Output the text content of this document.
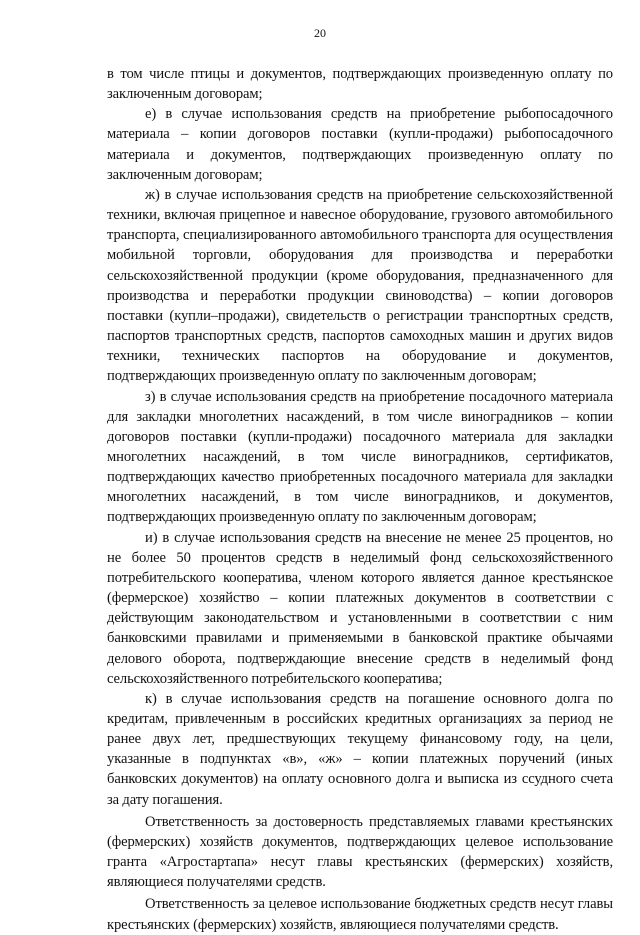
20

в том числе птицы и документов, подтверждающих произведенную оплату по заключенным договорам;

е) в случае использования средств на приобретение рыбопосадочного материала – копии договоров поставки (купли-продажи) рыбопосадочного материала и документов, подтверждающих произведенную оплату по заключенным договорам;

ж) в случае использования средств на приобретение сельскохозяйственной техники, включая прицепное и навесное оборудование, грузового автомобильного транспорта, специализированного автомобильного транспорта для осуществления мобильной торговли, оборудования для производства и переработки сельскохозяйственной продукции (кроме оборудования, предназначенного для производства и переработки продукции свиноводства) – копии договоров поставки (купли–продажи), свидетельств о регистрации транспортных средств, паспортов транспортных средств, паспортов самоходных машин и других видов техники, технических паспортов на оборудование и документов, подтверждающих произведенную оплату по заключенным договорам;

з) в случае использования средств на приобретение посадочного материала для закладки многолетних насаждений, в том числе виноградников – копии договоров поставки (купли-продажи) посадочного материала для закладки многолетних насаждений, в том числе виноградников, сертификатов, подтверждающих качество приобретенных посадочного материала для закладки многолетних насаждений, в том числе виноградников, и документов, подтверждающих произведенную оплату по заключенным договорам;

и) в случае использования средств на внесение не менее 25 процентов, но не более 50 процентов средств в неделимый фонд сельскохозяйственного потребительского кооператива, членом которого является данное крестьянское (фермерское) хозяйство – копии платежных документов в соответствии с действующим законодательством и установленными в соответствии с ним банковскими правилами и применяемыми в банковской практике обычаями делового оборота, подтверждающие внесение средств в неделимый фонд сельскохозяйственного потребительского кооператива;

к) в случае использования средств на погашение основного долга по кредитам, привлеченным в российских кредитных организациях за период не ранее двух лет, предшествующих текущему финансовому году, на цели, указанные в подпунктах «в», «ж» – копии платежных поручений (иных банковских документов) на оплату основного долга и выписка из ссудного счета за дату погашения.

Ответственность за достоверность представляемых главами крестьянских (фермерских) хозяйств документов, подтверждающих целевое использование гранта «Агростартапа» несут главы крестьянских (фермерских) хозяйств, являющиеся получателями средств.

Ответственность за целевое использование бюджетных средств несут главы крестьянских (фермерских) хозяйств, являющиеся получателями средств.
